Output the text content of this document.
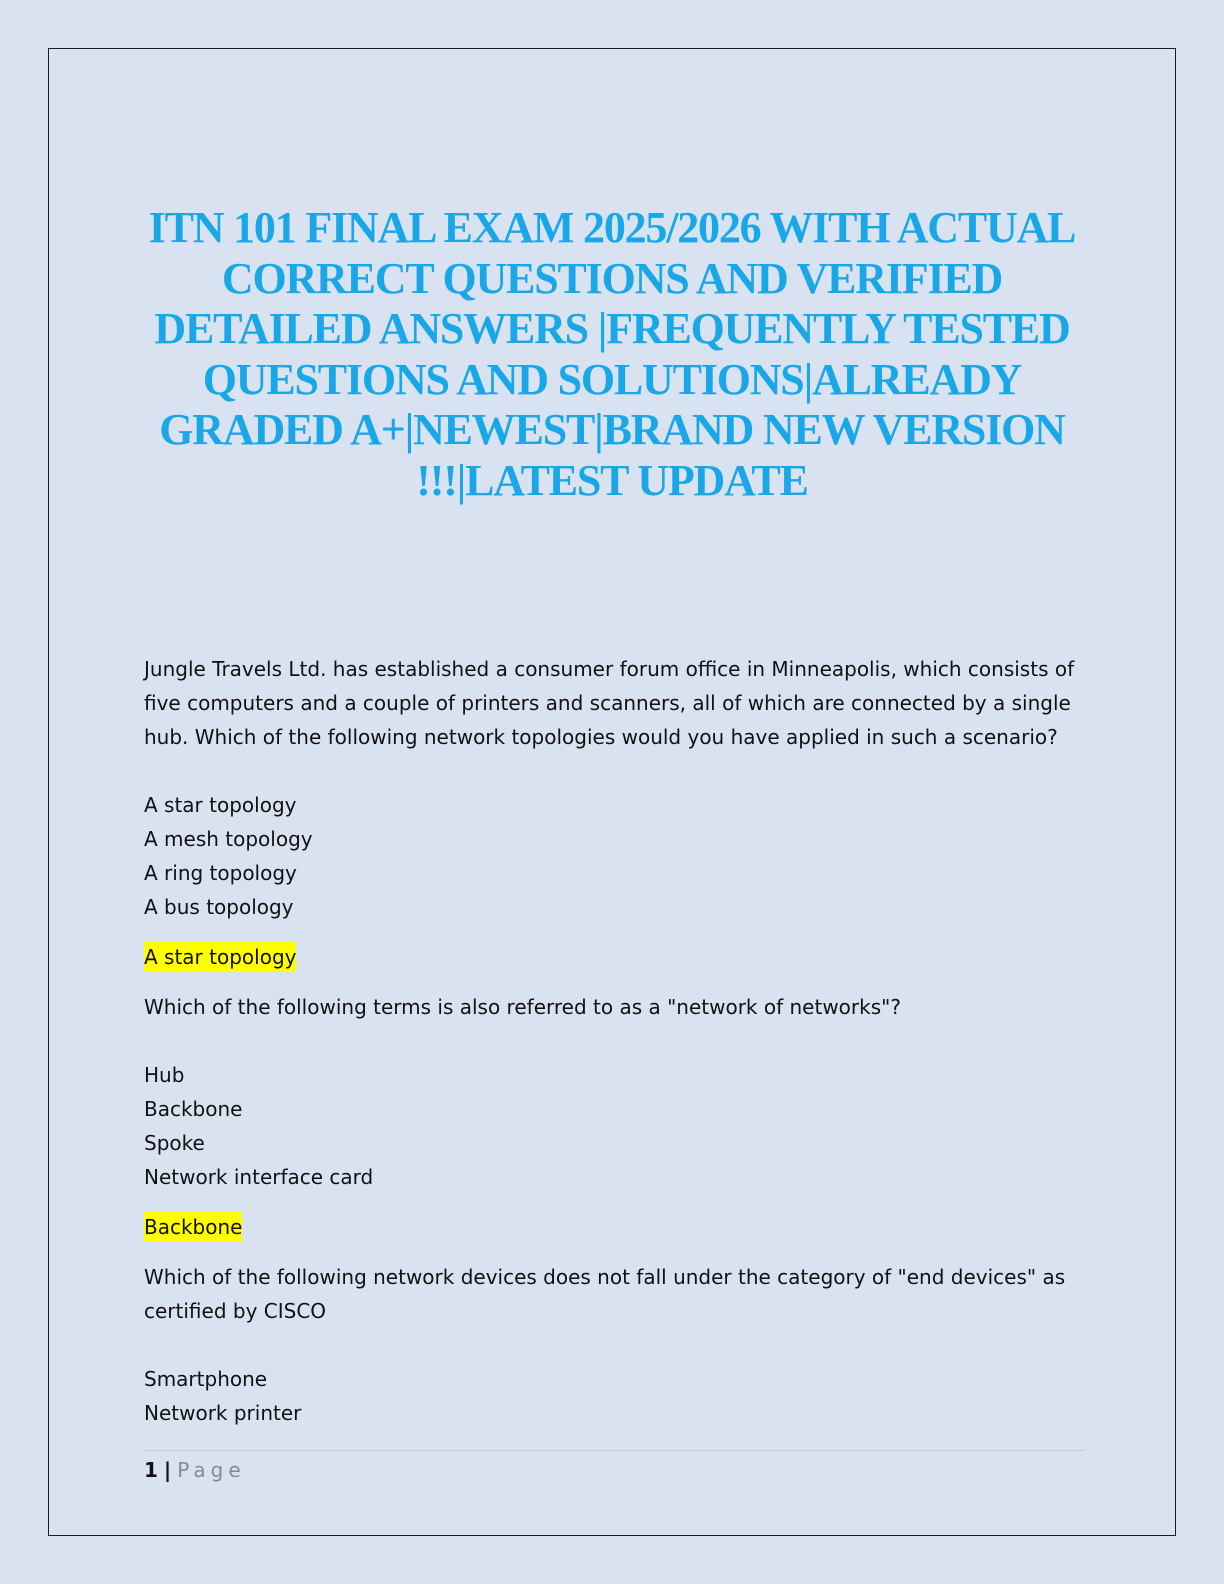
ITN 101 FINAL EXAM 2025/2026 WITH ACTUAL CORRECT QUESTIONS AND VERIFIED DETAILED ANSWERS |FREQUENTLY TESTED QUESTIONS AND SOLUTIONS|ALREADY GRADED A+|NEWEST|BRAND NEW VERSION !!!|LATEST UPDATE

Jungle Travels Ltd. has established a consumer forum office in Minneapolis, which consists of five computers and a couple of printers and scanners, all of which are connected by a single hub. Which of the following network topologies would you have applied in such a scenario?

A star topology

A mesh topology

A ring topology

A bus topology

A star topology

Which of the following terms is also referred to as a "network of networks"?

Hub

Backbone

Spoke

Network interface card

Backbone

Which of the following network devices does not fall under the category of "end devices" as certified by CISCO

Smartphone

Network printer

1 | Page
